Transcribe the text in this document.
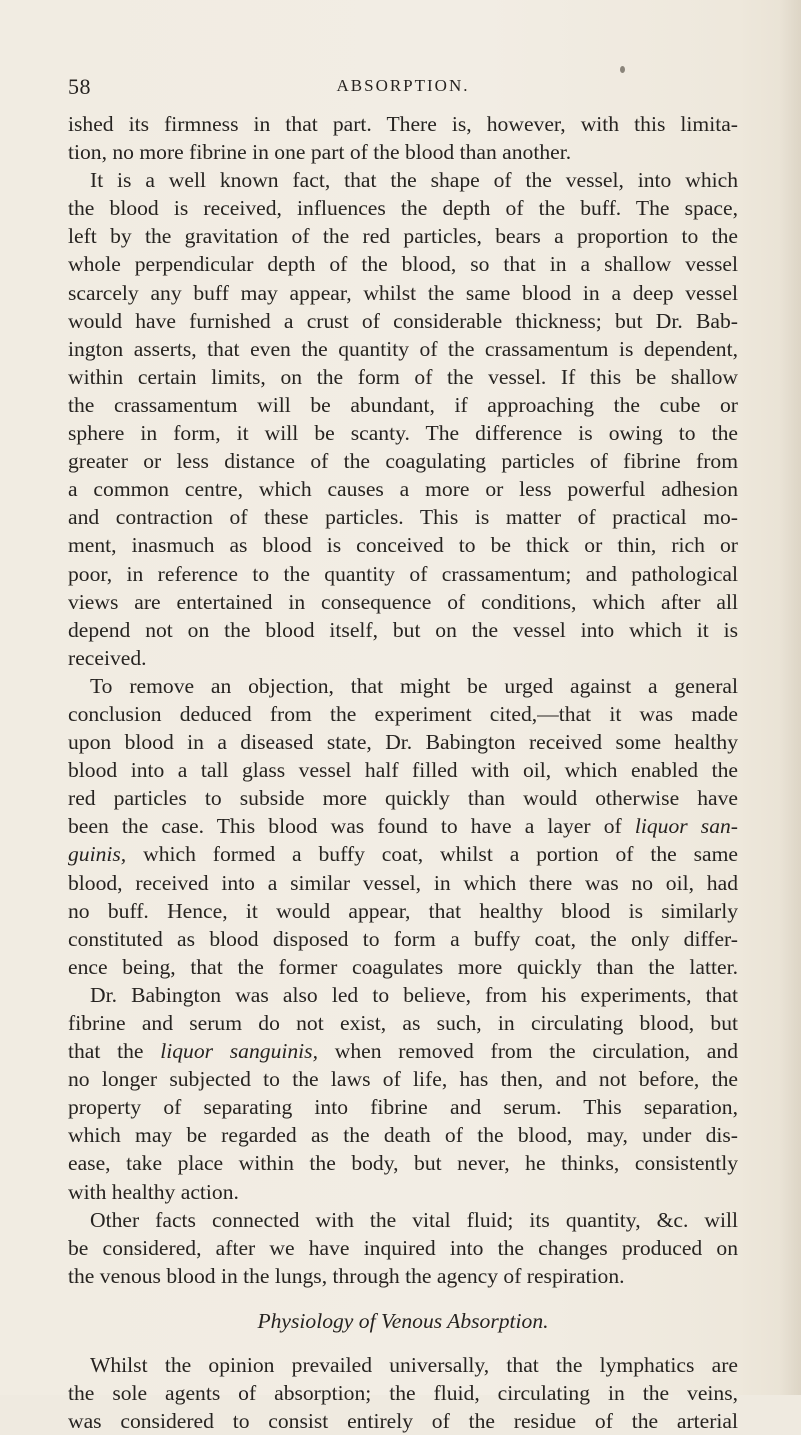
58	ABSORPTION.
ished its firmness in that part. There is, however, with this limita-
tion, no more fibrine in one part of the blood than another.
It is a well known fact, that the shape of the vessel, into which
the blood is received, influences the depth of the buff. The space,
left by the gravitation of the red particles, bears a proportion to the
whole perpendicular depth of the blood, so that in a shallow vessel
scarcely any buff may appear, whilst the same blood in a deep vessel
would have furnished a crust of considerable thickness; but Dr. Bab-
ington asserts, that even the quantity of the crassamentum is dependent,
within certain limits, on the form of the vessel. If this be shallow
the crassamentum will be abundant, if approaching the cube or
sphere in form, it will be scanty. The difference is owing to the
greater or less distance of the coagulating particles of fibrine from
a common centre, which causes a more or less powerful adhesion
and contraction of these particles. This is matter of practical mo-
ment, inasmuch as blood is conceived to be thick or thin, rich or
poor, in reference to the quantity of crassamentum; and pathological
views are entertained in consequence of conditions, which after all
depend not on the blood itself, but on the vessel into which it is
received.
To remove an objection, that might be urged against a general
conclusion deduced from the experiment cited,—that it was made
upon blood in a diseased state, Dr. Babington received some healthy
blood into a tall glass vessel half filled with oil, which enabled the
red particles to subside more quickly than would otherwise have
been the case. This blood was found to have a layer of liquor san-
guinis, which formed a buffy coat, whilst a portion of the same
blood, received into a similar vessel, in which there was no oil, had
no buff. Hence, it would appear, that healthy blood is similarly
constituted as blood disposed to form a buffy coat, the only differ-
ence being, that the former coagulates more quickly than the latter.
Dr. Babington was also led to believe, from his experiments, that
fibrine and serum do not exist, as such, in circulating blood, but
that the liquor sanguinis, when removed from the circulation, and
no longer subjected to the laws of life, has then, and not before, the
property of separating into fibrine and serum. This separation,
which may be regarded as the death of the blood, may, under dis-
ease, take place within the body, but never, he thinks, consistently
with healthy action.
Other facts connected with the vital fluid; its quantity, &c. will
be considered, after we have inquired into the changes produced on
the venous blood in the lungs, through the agency of respiration.
Physiology of Venous Absorption.
Whilst the opinion prevailed universally, that the lymphatics are
the sole agents of absorption; the fluid, circulating in the veins,
was considered to consist entirely of the residue of the arterial
